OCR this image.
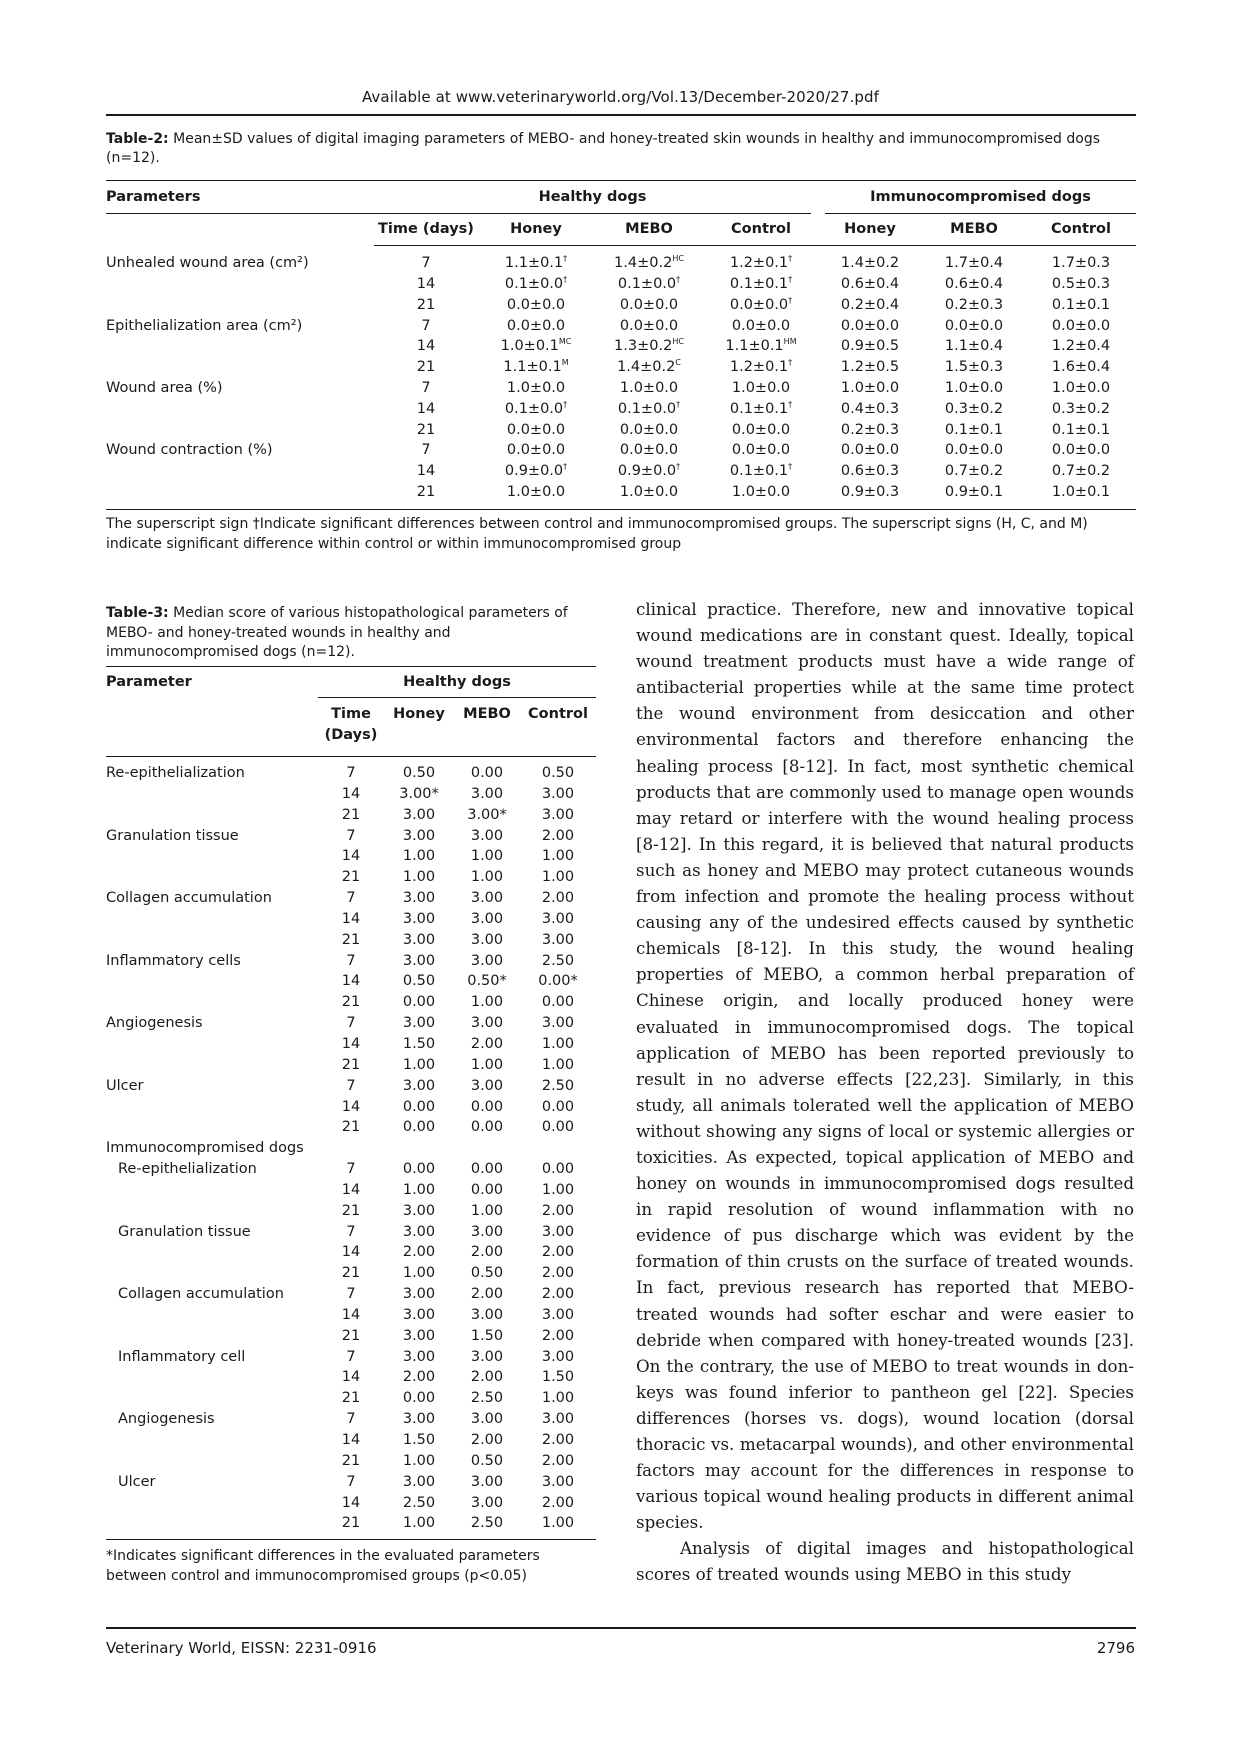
Available at www.veterinaryworld.org/Vol.13/December-2020/27.pdf
Table-2: Mean±SD values of digital imaging parameters of MEBO- and honey-treated skin wounds in healthy and immunocompromised dogs (n=12).
Parameters	Healthy dogs				Immunocompromised dogs		
	Time (days)	Honey	MEBO	Control	Honey	MEBO	Control
Unhealed wound area (cm²)	7	1.1±0.1†	$1.4\pm 0.2^{HC}$	1.2±0.1†	1.4±0.2	1.7±0.4	1.7±0.3
	14	0.1±0.0†	0.1±0.0†	0.1±0.1†	0.6±0.4	0.6±0.4	0.5±0.3
	21	0.0±0.0	0.0±0.0	0.0±0.0†	0.2±0.4	0.2±0.3	0.1±0.1
Epithelialization area (cm²)	7	0.0±0.0	0.0±0.0	0.0±0.0	0.0±0.0	0.0±0.0	0.0±0.0
	14	$1.0\pm 0.1^{MC}$	$1.3\pm 0.2^{HC}$	$1.1\pm 0.1^{HM}$	0.9±0.5	1.1±0.4	1.2±0.4
	21	$1.1\pm 0.1^M$	$1.4\pm 0.2^C$	1.2±0.1†	1.2±0.5	1.5±0.3	1.6±0.4
Wound area (%)	7	1.0±0.0	1.0±0.0	1.0±0.0	1.0±0.0	1.0±0.0	1.0±0.0
	14	0.1±0.0†	0.1±0.0†	0.1±0.1†	0.4±0.3	0.3±0.2	0.3±0.2
	21	0.0±0.0	0.0±0.0	0.0±0.0	0.2±0.3	0.1±0.1	0.1±0.1
Wound contraction (%)	7	0.0±0.0	0.0±0.0	0.0±0.0	0.0±0.0	0.0±0.0	0.0±0.0
	14	0.9±0.0†	0.9±0.0†	0.1±0.1†	0.6±0.3	0.7±0.2	0.7±0.2
	21	1.0±0.0	1.0±0.0	1.0±0.0	0.9±0.3	0.9±0.1	1.0±0.1
The superscript sign †Indicate significant differences between control and immunocompromised groups. The superscript signs (H, C, and M) indicate significant difference within control or within immunocompromised group
Table-3: Median score of various histopathological parameters of MEBO- and honey-treated wounds in healthy and immunocompromised dogs (n=12).
Parameter	Healthy dogs			
	Time (Days)	Honey	MEBO	Control
Re-epithelialization	7	0.50	0.00	0.50
	14	3.00*	3.00	3.00
	21	3.00	3.00*	3.00
Granulation tissue	7	3.00	3.00	2.00
	14	1.00	1.00	1.00
	21	1.00	1.00	1.00
Collagen accumulation	7	3.00	3.00	2.00
	14	3.00	3.00	3.00
	21	3.00	3.00	3.00
Inflammatory cells	7	3.00	3.00	2.50
	14	0.50	0.50*	0.00*
	21	0.00	1.00	0.00
Angiogenesis	7	3.00	3.00	3.00
	14	1.50	2.00	1.00
	21	1.00	1.00	1.00
Ulcer	7	3.00	3.00	2.50
	14	0.00	0.00	0.00
	21	0.00	0.00	0.00
Immunocompromised dogs				
Re-epithelialization	7	0.00	0.00	0.00
	14	1.00	0.00	1.00
	21	3.00	1.00	2.00
Granulation tissue	7	3.00	3.00	3.00
	14	2.00	2.00	2.00
	21	1.00	0.50	2.00
Collagen accumulation	7	3.00	2.00	2.00
	14	3.00	3.00	3.00
	21	3.00	1.50	2.00
Inflammatory cell	7	3.00	3.00	3.00
	14	2.00	2.00	1.50
	21	0.00	2.50	1.00
Angiogenesis	7	3.00	3.00	3.00
	14	1.50	2.00	2.00
	21	1.00	0.50	2.00
Ulcer	7	3.00	3.00	3.00
	14	2.50	3.00	2.00
	21	1.00	2.50	1.00
*Indicates significant differences in the evaluated parameters between control and immunocompromised groups (p<0.05)

clinical practice. Therefore, new and innovative topical wound medications are in constant quest. Ideally, topical wound treatment products must have a wide range of antibacterial properties while at the same time protect the wound environment from desiccation and other environmental factors and therefore enhancing the healing process [8-12]. In fact, most synthetic chemical products that are commonly used to manage open wounds may retard or interfere with the wound healing process [8-12]. In this regard, it is believed that natural products such as honey and MEBO may protect cutaneous wounds from infection and promote the healing process without causing any of the undesired effects caused by synthetic chemicals [8-12]. In this study, the wound healing properties of MEBO, a common herbal preparation of Chinese origin, and locally produced honey were evaluated in immunocompromised dogs. The topical application of MEBO has been reported previously to result in no adverse effects [22,23]. Similarly, in this study, all animals tolerated well the application of MEBO without showing any signs of local or systemic allergies or toxicities. As expected, topical application of MEBO and honey on wounds in immunocompromised dogs resulted in rapid resolution of wound inflammation with no evidence of pus discharge which was evident by the formation of thin crusts on the surface of treated wounds. In fact, previous research has reported that MEBO-treated wounds had softer eschar and were easier to debride when compared with honey-treated wounds [23]. On the contrary, the use of MEBO to treat wounds in donkeys was found inferior to pantheon gel [22]. Species differences (horses vs. dogs), wound location (dorsal thoracic vs. metacarpal wounds), and other environmental factors may account for the differences in response to various topical wound healing products in different animal species.

Analysis of digital images and histopathological scores of treated wounds using MEBO in this study

Veterinary World, EISSN: 2231-0916	2796
